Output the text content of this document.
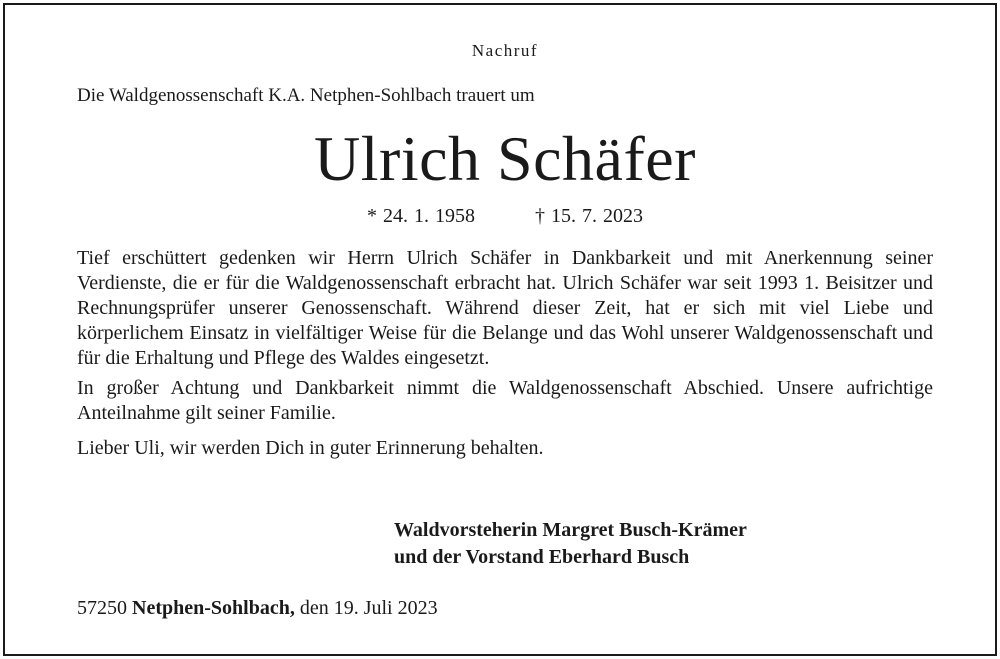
Nachruf
Die Waldgenossenschaft K.A. Netphen-Sohlbach trauert um
Ulrich Schäfer
* 24. 1. 1958	† 15. 7. 2023

Tief erschüttert gedenken wir Herrn Ulrich Schäfer in Dankbarkeit und mit Anerkennung seiner Verdienste, die er für die Waldgenossenschaft erbracht hat. Ulrich Schäfer war seit 1993 1. Beisitzer und Rechnungsprüfer unserer Genossenschaft. Während dieser Zeit, hat er sich mit viel Liebe und körperlichem Einsatz in vielfältiger Weise für die Belange und das Wohl unserer Waldgenossenschaft und für die Erhaltung und Pflege des Waldes eingesetzt.

In großer Achtung und Dankbarkeit nimmt die Waldgenossenschaft Abschied. Unsere aufrichtige Anteilnahme gilt seiner Familie.

Lieber Uli, wir werden Dich in guter Erinnerung behalten.

Waldvorsteherin Margret Busch-Krämer
und der Vorstand Eberhard Busch
57250 Netphen-Sohlbach, den 19. Juli 2023
